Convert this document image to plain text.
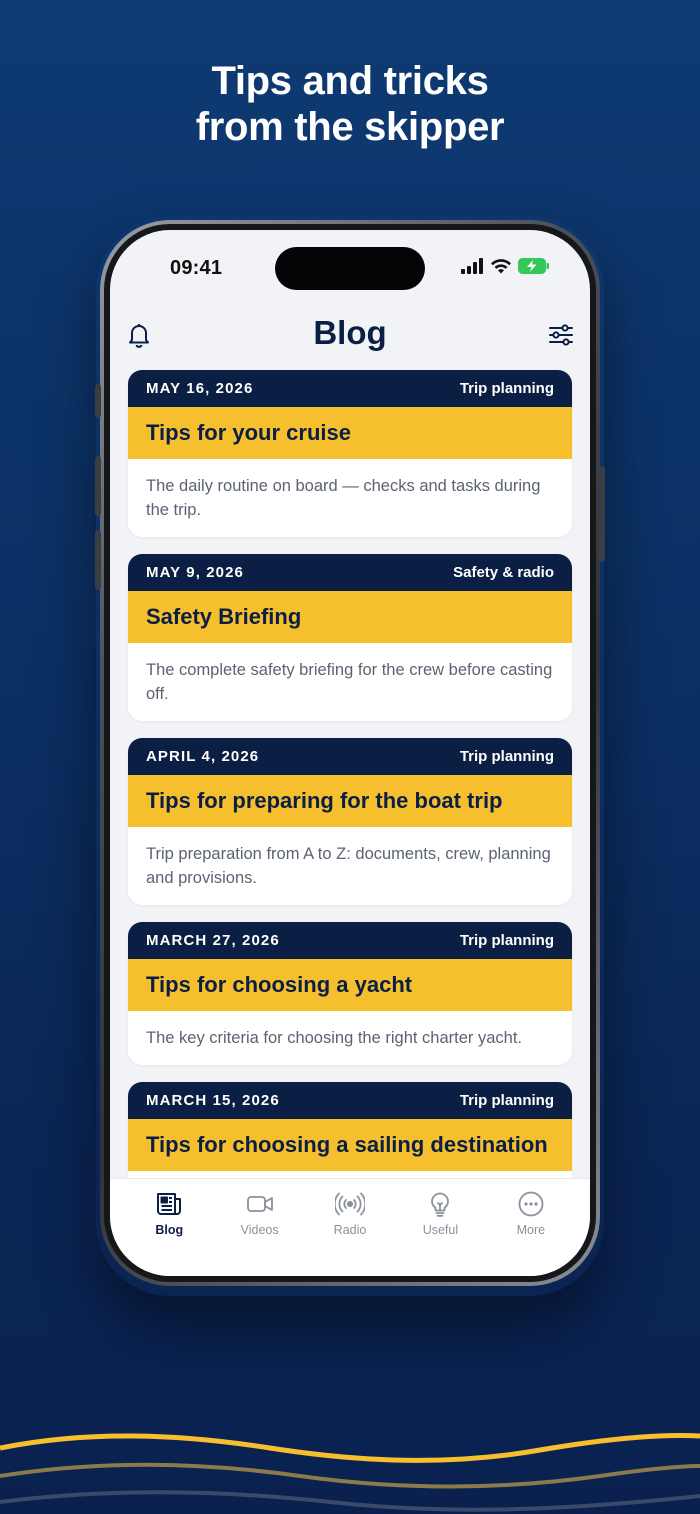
Tips and tricks
from the skipper
09:41
Blog
MAY 16, 2026	Trip planning
Tips for your cruise
The daily routine on board — checks and tasks during the trip.
MAY 9, 2026	Safety & radio
Safety Briefing
The complete safety briefing for the crew before casting off.
APRIL 4, 2026	Trip planning
Tips for preparing for the boat trip
Trip preparation from A to Z: documents, crew, planning and provisions.
MARCH 27, 2026	Trip planning
Tips for choosing a yacht
The key criteria for choosing the right charter yacht.
MARCH 15, 2026	Trip planning
Tips for choosing a sailing destination
Blog	Videos	Radio	Useful	More
